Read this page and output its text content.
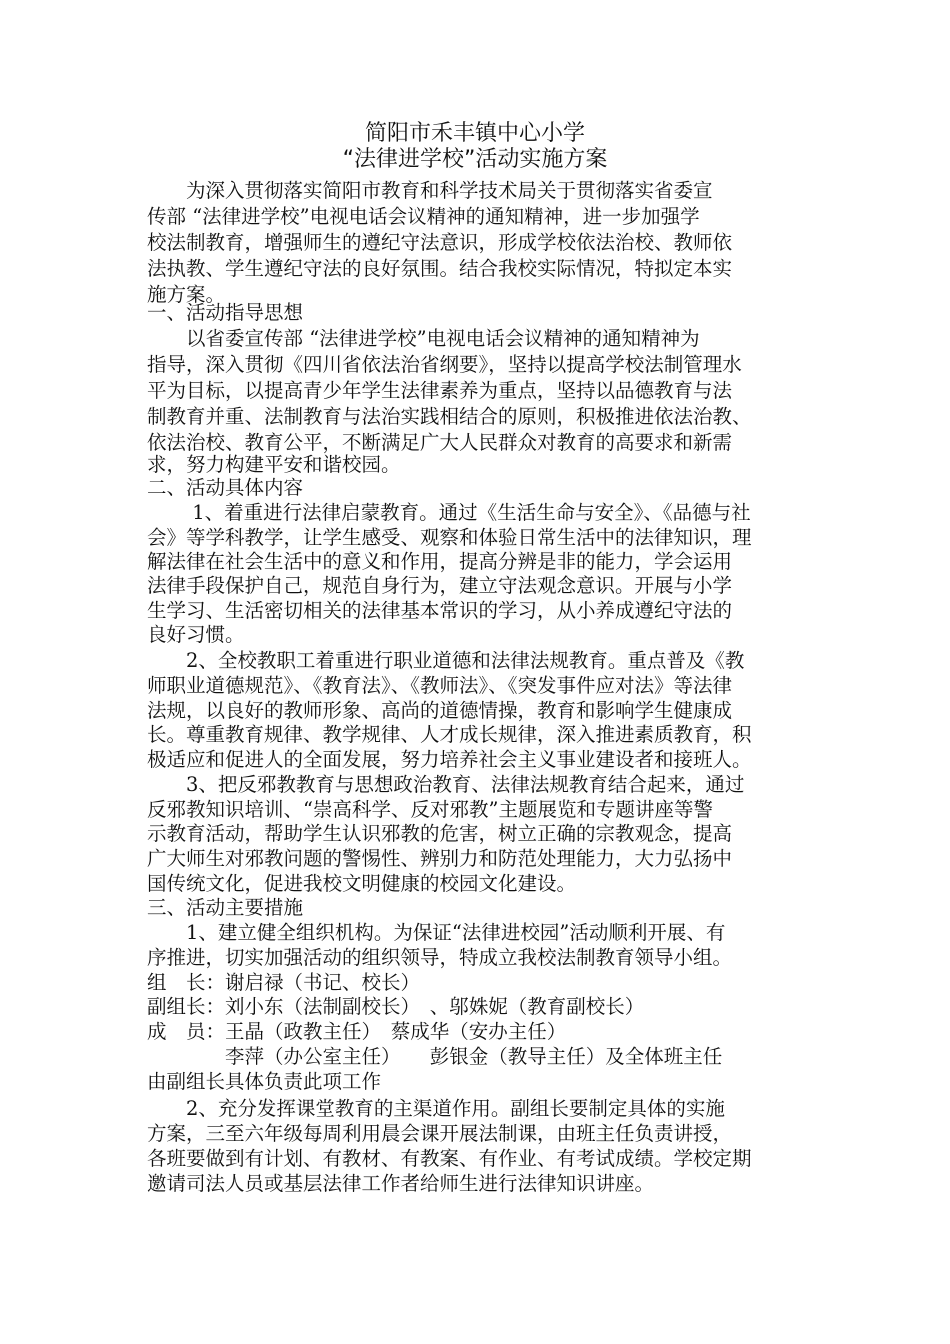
简阳市禾丰镇中心小学
“法律进学校”活动实施方案
　　为深入贯彻落实简阳市教育和科学技术局关于贯彻落实省委宣
传部 “法律进学校”电视电话会议精神的通知精神，进一步加强学
校法制教育，增强师生的遵纪守法意识，形成学校依法治校、教师依
法执教、学生遵纪守法的良好氛围。结合我校实际情况，特拟定本实
施方案。
一、活动指导思想
　　以省委宣传部 “法律进学校”电视电话会议精神的通知精神为
指导，深入贯彻《四川省依法治省纲要》，坚持以提高学校法制管理水
平为目标，以提高青少年学生法律素养为重点，坚持以品德教育与法
制教育并重、法制教育与法治实践相结合的原则，积极推进依法治教、
依法治校、教育公平，不断满足广大人民群众对教育的高要求和新需
求，努力构建平安和谐校园。
二、活动具体内容
　　 1、着重进行法律启蒙教育。通过《生活生命与安全》、《品德与社
会》等学科教学，让学生感受、观察和体验日常生活中的法律知识，理
解法律在社会生活中的意义和作用，提高分辨是非的能力，学会运用
法律手段保护自己，规范自身行为，建立守法观念意识。开展与小学
生学习、生活密切相关的法律基本常识的学习，从小养成遵纪守法的
良好习惯。
　　2、全校教职工着重进行职业道德和法律法规教育。重点普及《教
师职业道德规范》、《教育法》、《教师法》、《突发事件应对法》等法律
法规，以良好的教师形象、高尚的道德情操，教育和影响学生健康成
长。尊重教育规律、教学规律、人才成长规律，深入推进素质教育，积
极适应和促进人的全面发展，努力培养社会主义事业建设者和接班人。
　　3、把反邪教教育与思想政治教育、法律法规教育结合起来，通过
反邪教知识培训、“崇高科学、反对邪教”主题展览和专题讲座等警
示教育活动，帮助学生认识邪教的危害，树立正确的宗教观念，提高
广大师生对邪教问题的警惕性、辨别力和防范处理能力，大力弘扬中
国传统文化，促进我校文明健康的校园文化建设。
三、活动主要措施
　　1、建立健全组织机构。为保证“法律进校园”活动顺利开展、有
序推进，切实加强活动的组织领导，特成立我校法制教育领导小组。
组　长：谢启禄（书记、校长）
副组长：刘小东（法制副校长）　、邬姝妮（教育副校长）
成　员：王晶（政教主任）　蔡成华（安办主任）
　　　　李萍（办公室主任）　　彭银金（教导主任）及全体班主任
由副组长具体负责此项工作
　　2、充分发挥课堂教育的主渠道作用。副组长要制定具体的实施
方案，三至六年级每周利用晨会课开展法制课，由班主任负责讲授，
各班要做到有计划、有教材、有教案、有作业、有考试成绩。学校定期
邀请司法人员或基层法律工作者给师生进行法律知识讲座。
